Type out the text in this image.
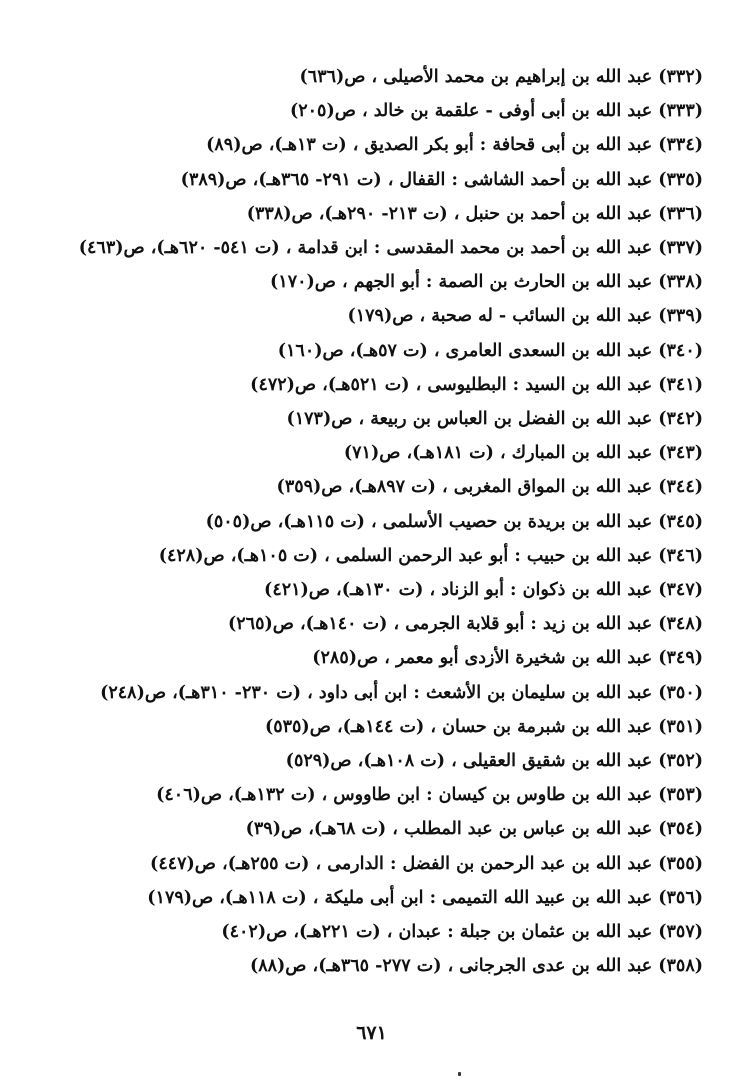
(٣٣٢)عبد الله بن إبراهيم بن محمد الأصيلى ، ص(٦٣٦)
(٣٣٣)عبد الله بن أبى أوفى - علقمة بن خالد ، ص(٢٠٥)
(٣٣٤)عبد الله بن أبى قحافة : أبو بكر الصديق ، (ت ١٣هـ)، ص(٨٩)
(٣٣٥)عبد الله بن أحمد الشاشى : القفال ، (ت ٢٩١- ٣٦٥هـ)، ص(٣٨٩)
(٣٣٦)عبد الله بن أحمد بن حنبل ، (ت ٢١٣- ٢٩٠هـ)، ص(٣٣٨)
(٣٣٧)عبد الله بن أحمد بن محمد المقدسى : ابن قدامة ، (ت ٥٤١- ٦٢٠هـ)، ص(٤٦٣)
(٣٣٨)عبد الله بن الحارث بن الصمة : أبو الجهم ، ص(١٧٠)
(٣٣٩)عبد الله بن السائب - له صحبة ، ص(١٧٩)
(٣٤٠)عبد الله بن السعدى العامرى ، (ت ٥٧هـ)، ص(١٦٠)
(٣٤١)عبد الله بن السيد : البطليوسى ، (ت ٥٢١هـ)، ص(٤٧٢)
(٣٤٢)عبد الله بن الفضل بن العباس بن ربيعة ، ص(١٧٣)
(٣٤٣)عبد الله بن المبارك ، (ت ١٨١هـ)، ص(٧١)
(٣٤٤)عبد الله بن المواق المغربى ، (ت ٨٩٧هـ)، ص(٣٥٩)
(٣٤٥)عبد الله بن بريدة بن حصيب الأسلمى ، (ت ١١٥هـ)، ص(٥٠٥)
(٣٤٦)عبد الله بن حبيب : أبو عبد الرحمن السلمى ، (ت ١٠٥هـ)، ص(٤٢٨)
(٣٤٧)عبد الله بن ذكوان : أبو الزناد ، (ت ١٣٠هـ)، ص(٤٢١)
(٣٤٨)عبد الله بن زيد : أبو قلابة الجرمى ، (ت ١٤٠هـ)، ص(٢٦٥)
(٣٤٩)عبد الله بن شخيرة الأزدى أبو معمر ، ص(٢٨٥)
(٣٥٠)عبد الله بن سليمان بن الأشعث : ابن أبى داود ، (ت ٢٣٠- ٣١٠هـ)، ص(٢٤٨)
(٣٥١)عبد الله بن شبرمة بن حسان ، (ت ١٤٤هـ)، ص(٥٣٥)
(٣٥٢)عبد الله بن شقيق العقيلى ، (ت ١٠٨هـ)، ص(٥٢٩)
(٣٥٣)عبد الله بن طاوس بن كيسان : ابن طاووس ، (ت ١٣٢هـ)، ص(٤٠٦)
(٣٥٤)عبد الله بن عباس بن عبد المطلب ، (ت ٦٨هـ)، ص(٣٩)
(٣٥٥)عبد الله بن عبد الرحمن بن الفضل : الدارمى ، (ت ٢٥٥هـ)، ص(٤٤٧)
(٣٥٦)عبد الله بن عبيد الله التميمى : ابن أبى مليكة ، (ت ١١٨هـ)، ص(١٧٩)
(٣٥٧)عبد الله بن عثمان بن جبلة : عبدان ، (ت ٢٢١هـ)، ص(٤٠٢)
(٣٥٨)عبد الله بن عدى الجرجانى ، (ت ٢٧٧- ٣٦٥هـ)، ص(٨٨)
٦٧١
